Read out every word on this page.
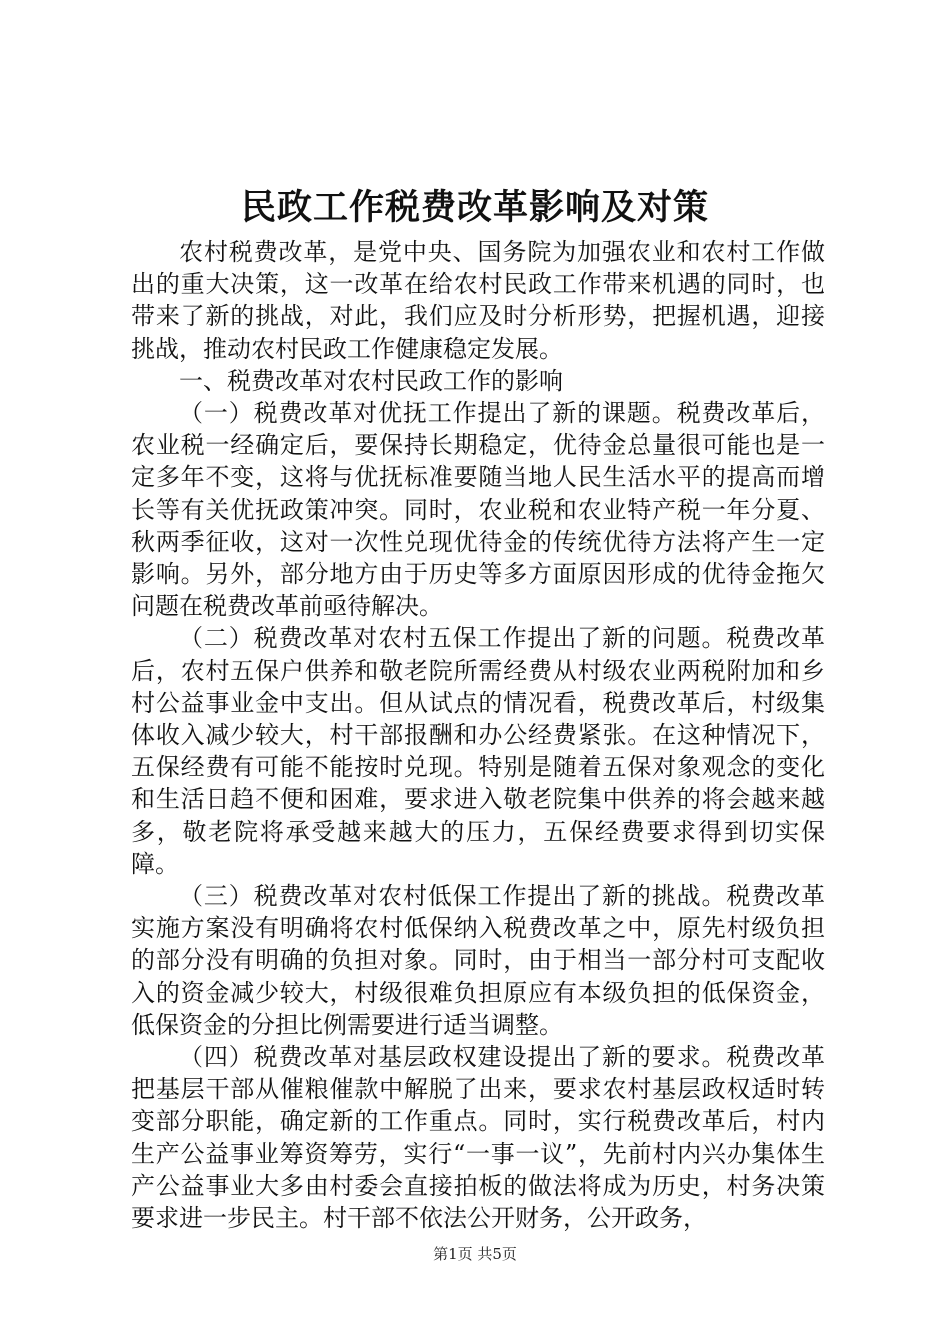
民政工作税费改革影响及对策

农村税费改革，是党中央、国务院为加强农业和农村工作做出的重大决策，这一改革在给农村民政工作带来机遇的同时，也带来了新的挑战，对此，我们应及时分析形势，把握机遇，迎接挑战，推动农村民政工作健康稳定发展。

一、税费改革对农村民政工作的影响

（一）税费改革对优抚工作提出了新的课题。税费改革后，农业税一经确定后，要保持长期稳定，优待金总量很可能也是一定多年不变，这将与优抚标准要随当地人民生活水平的提高而增长等有关优抚政策冲突。同时，农业税和农业特产税一年分夏、秋两季征收，这对一次性兑现优待金的传统优待方法将产生一定影响。另外，部分地方由于历史等多方面原因形成的优待金拖欠问题在税费改革前亟待解决。

（二）税费改革对农村五保工作提出了新的问题。税费改革后，农村五保户供养和敬老院所需经费从村级农业两税附加和乡村公益事业金中支出。但从试点的情况看，税费改革后，村级集体收入减少较大，村干部报酬和办公经费紧张。在这种情况下，五保经费有可能不能按时兑现。特别是随着五保对象观念的变化和生活日趋不便和困难，要求进入敬老院集中供养的将会越来越多，敬老院将承受越来越大的压力，五保经费要求得到切实保障。

（三）税费改革对农村低保工作提出了新的挑战。税费改革实施方案没有明确将农村低保纳入税费改革之中，原先村级负担的部分没有明确的负担对象。同时，由于相当一部分村可支配收入的资金减少较大，村级很难负担原应有本级负担的低保资金，低保资金的分担比例需要进行适当调整。

（四）税费改革对基层政权建设提出了新的要求。税费改革把基层干部从催粮催款中解脱了出来，要求农村基层政权适时转变部分职能，确定新的工作重点。同时，实行税费改革后，村内生产公益事业筹资筹劳，实行“一事一议”，先前村内兴办集体生产公益事业大多由村委会直接拍板的做法将成为历史，村务决策要求进一步民主。村干部不依法公开财务，公开政务，

第1页 共5页
